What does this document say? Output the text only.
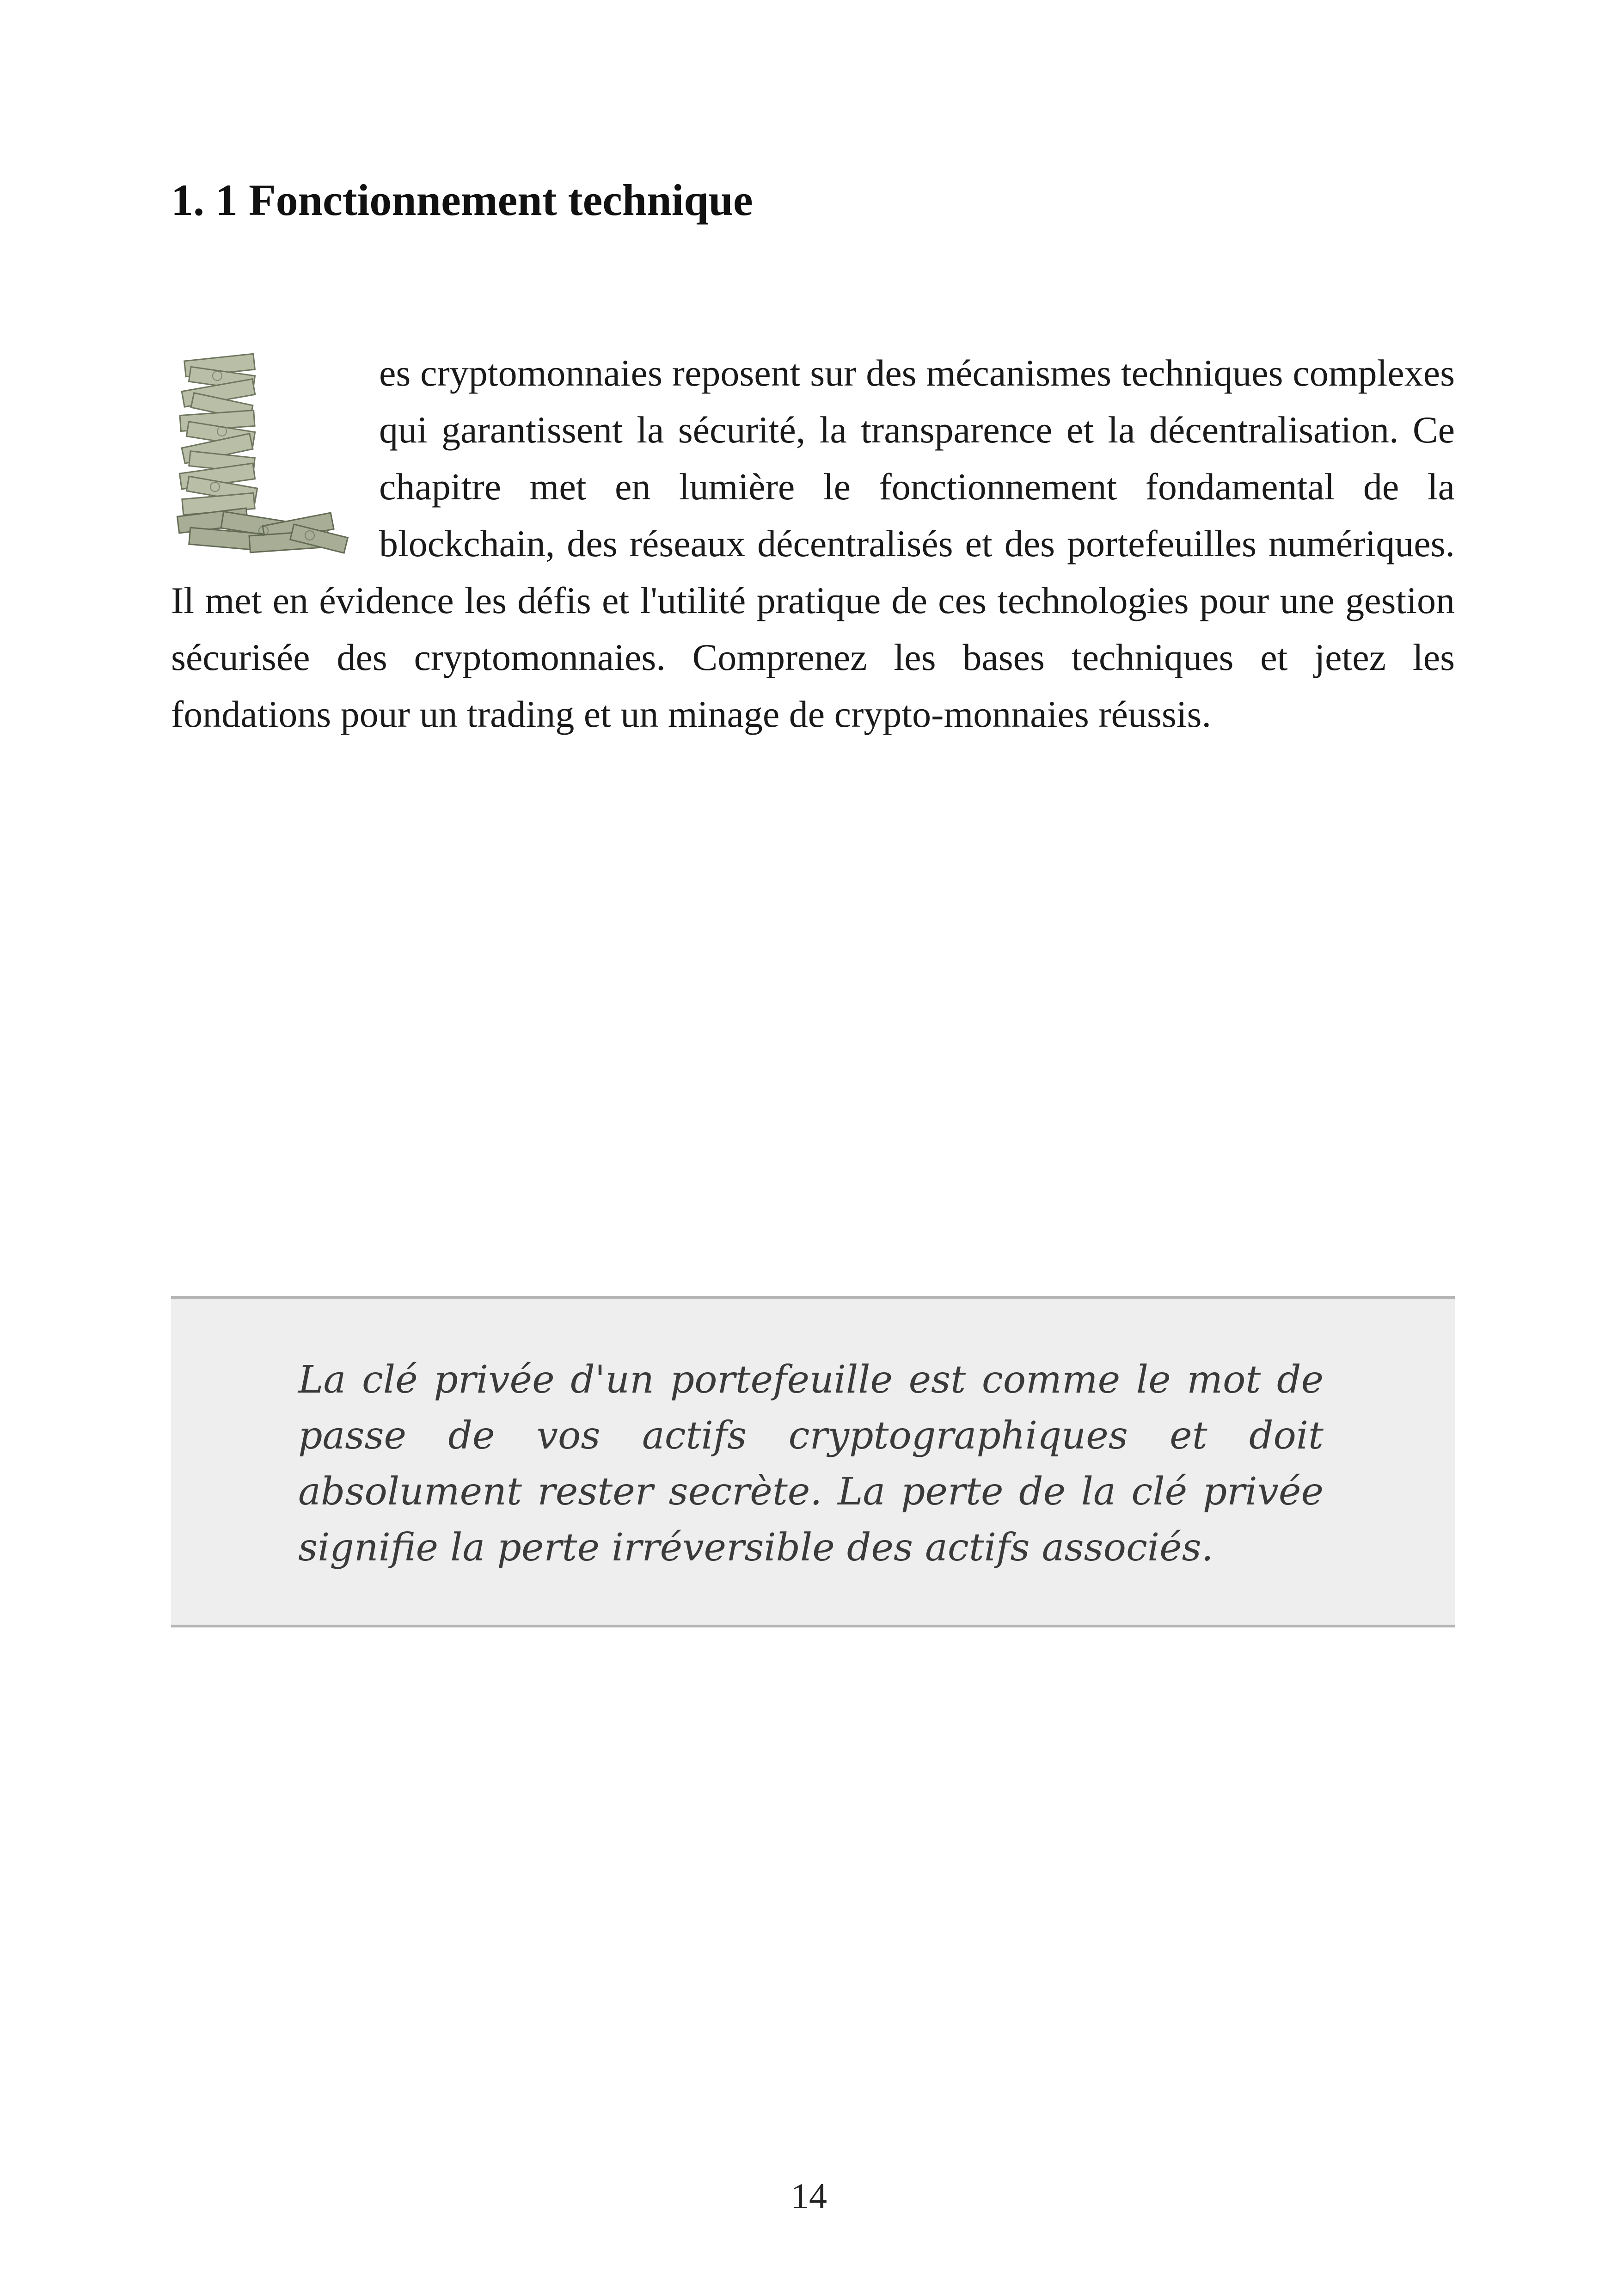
1. 1 Fonctionnement technique

es cryptomonnaies reposent sur des mécanismes techniques complexes qui garantissent la sécurité, la transparence et la décentralisation. Ce chapitre met en lumière le fonctionnement fondamental de la blockchain, des réseaux décentralisés et des portefeuilles numériques. Il met en évidence les défis et l'utilité pratique de ces technologies pour une gestion sécurisée des cryptomonnaies. Comprenez les bases techniques et jetez les fondations pour un trading et un minage de crypto-monnaies réussis.

La clé privée d'un portefeuille est comme le mot de passe de vos actifs cryptographiques et doit absolument rester secrète. La perte de la clé privée signifie la perte irréversible des actifs associés.

14
